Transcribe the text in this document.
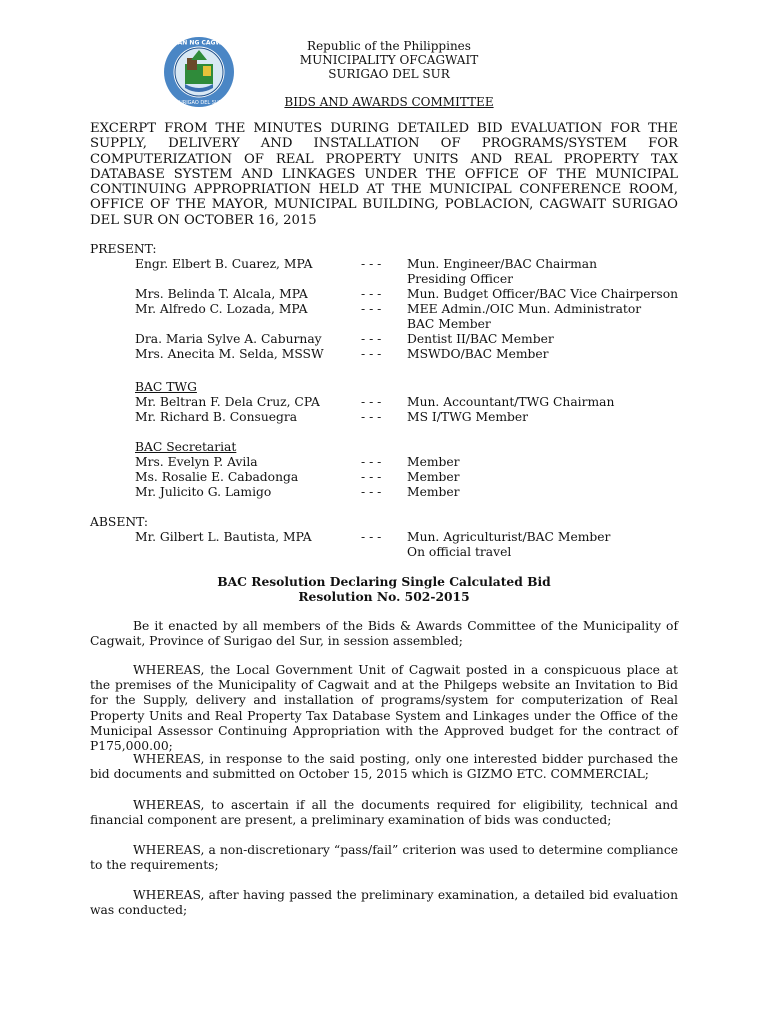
BAYAN NG CAGWAIT
SURIGAO DEL SUR
Republic of the Philippines
MUNICIPALITY OFCAGWAIT
SURIGAO DEL SUR
BIDS AND AWARDS COMMITTEE
EXCERPT FROM THE MINUTES DURING DETAILED BID EVALUATION FOR THE SUPPLY, DELIVERY AND INSTALLATION OF PROGRAMS/SYSTEM FOR COMPUTERIZATION OF REAL PROPERTY UNITS AND REAL PROPERTY TAX DATABASE SYSTEM AND LINKAGES UNDER THE OFFICE OF THE MUNICIPAL CONTINUING APPROPRIATION HELD AT THE MUNICIPAL CONFERENCE ROOM, OFFICE OF THE MAYOR, MUNICIPAL BUILDING, POBLACION, CAGWAIT SURIGAO DEL SUR ON OCTOBER 16, 2015
PRESENT:
Engr. Elbert B. Cuarez, MPA	- - - Mun. Engineer/BAC Chairman
Presiding Officer
Mrs. Belinda T. Alcala, MPA	- - - Mun. Budget Officer/BAC Vice Chairperson
Mr. Alfredo C. Lozada, MPA	- - - MEE Admin./OIC Mun. Administrator
BAC Member
Dra. Maria Sylve A. Caburnay	- - - Dentist II/BAC Member
Mrs. Anecita M. Selda, MSSW	- - - MSWDO/BAC Member
BAC TWG
Mr. Beltran F. Dela Cruz, CPA	- - - Mun. Accountant/TWG Chairman
Mr. Richard B. Consuegra	- - - MS I/TWG Member
BAC Secretariat
Mrs. Evelyn P. Avila	- - - Member
Ms. Rosalie E. Cabadonga	- - - Member
Mr. Julicito G. Lamigo	- - - Member
ABSENT:
Mr. Gilbert L. Bautista, MPA	- - - Mun. Agriculturist/BAC Member
On official travel
BAC Resolution Declaring Single Calculated Bid
Resolution No. 502-2015
Be it enacted by all members of the Bids & Awards Committee of the Municipality of Cagwait, Province of Surigao del Sur, in session assembled;
WHEREAS, the Local Government Unit of Cagwait posted in a conspicuous place at the premises of the Municipality of Cagwait and at the Philgeps website an Invitation to Bid for the Supply, delivery and installation of programs/system for computerization of Real Property Units and Real Property Tax Database System and Linkages under the Office of the Municipal Assessor Continuing Appropriation with the Approved budget for the contract of P175,000.00;
WHEREAS, in response to the said posting, only one interested bidder purchased the bid documents and submitted on October 15, 2015 which is GIZMO ETC. COMMERCIAL;
WHEREAS, to ascertain if all the documents required for eligibility, technical and financial component are present, a preliminary examination of bids was conducted;
WHEREAS, a non-discretionary “pass/fail” criterion was used to determine compliance to the requirements;
WHEREAS, after having passed the preliminary examination, a detailed bid evaluation was conducted;
